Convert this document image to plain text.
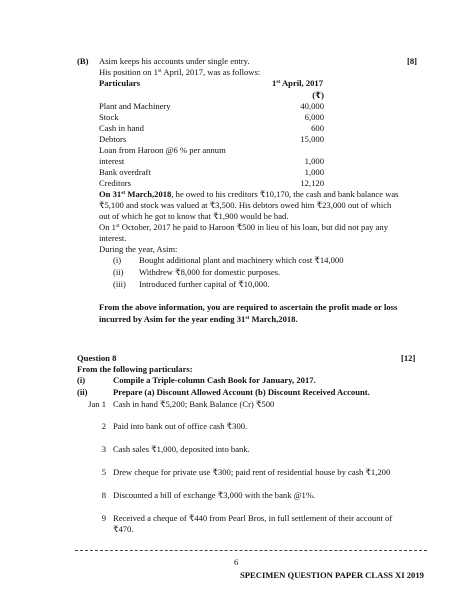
(B)	[8]
Asim keeps his accounts under single entry.
His position on 1st April, 2017, was as follows:
Particulars	1st April, 2017
(₹)
Plant and Machinery	40,000
Stock	6,000
Cash in hand	600
Debtors	15,000
Loan from Haroon @6 % per annum
interest	1,000
Bank overdraft	1,000
Creditors	12,120
On 31st March,2018, he owed to his creditors ₹10,170, the cash and bank balance was
₹5,100 and stock was valued at ₹3,500. His debtors owed him ₹23,000 out of which
out of which he got to know that ₹1,900 would be bad.
On 1st October, 2017 he paid to Haroon ₹500 in lieu of his loan, but did not pay any
interest.
During the year, Asim:
(i) Bought additional plant and machinery which cost ₹14,000
(ii) Withdrew ₹8,000 for domestic purposes.
(iii) Introduced further capital of ₹10,000.
From the above information, you are required to ascertain the profit made or loss
incurred by Asim for the year ending 31st March,2018.
Question 8	[12]
From the following particulars:
(i)	Compile a Triple-column Cash Book for January, 2017.
(ii)	Prepare (a) Discount Allowed Account (b) Discount Received Account.
Jan 1 Cash in hand ₹5,200; Bank Balance (Cr) ₹500
2 Paid into bank out of office cash ₹300.
3 Cash sales ₹1,000, deposited into bank.
5 Drew cheque for private use ₹300; paid rent of residential house by cash ₹1,200
8 Discounted a bill of exchange ₹3,000 with the bank @1%.
9 Received a cheque of ₹440 from Pearl Bros, in full settlement of their account of
₹470.
6
SPECIMEN QUESTION PAPER CLASS XI 2019
